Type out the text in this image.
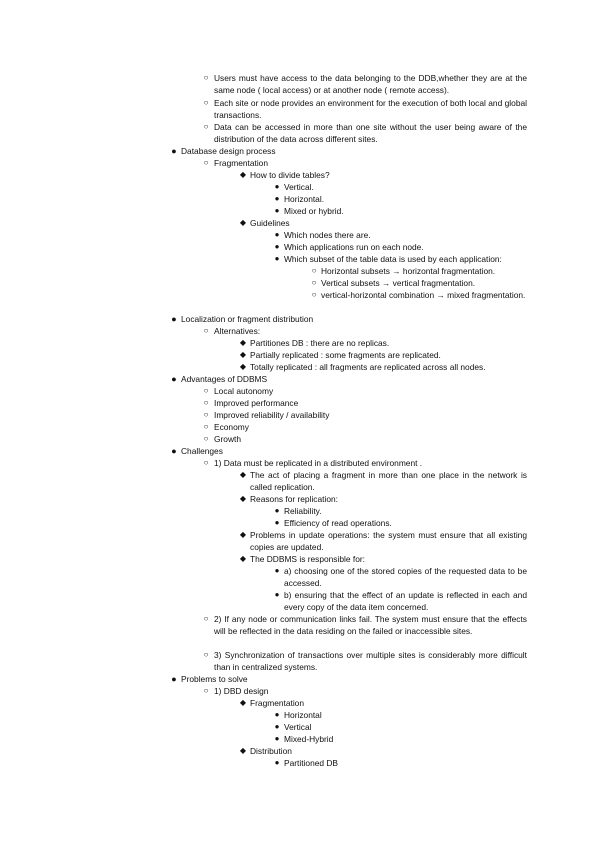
○ Users must have access to the data belonging to the DDB,whether they are at the same node ( local access) or at another node ( remote access).
○ Each site or node provides an environment for the execution of both local and global transactions.
○ Data can be accessed in more than one site without the user being aware of the distribution of the data across different sites.
● Database design process
○ Fragmentation
◆ How to divide tables?
● Vertical.
● Horizontal.
● Mixed or hybrid.
◆ Guidelines
● Which nodes there are.
● Which applications run on each node.
● Which subset of the table data is used by each application:
○ Horizontal subsets → horizontal fragmentation.
○ Vertical subsets → vertical fragmentation.
○ vertical-horizontal combination → mixed fragmentation.
● Localization or fragment distribution
○ Alternatives:
◆ Partitiones DB : there are no replicas.
◆ Partially replicated : some fragments are replicated.
◆ Totally replicated : all fragments are replicated across all nodes.
● Advantages of DDBMS
○ Local autonomy
○ Improved performance
○ Improved reliability / availability
○ Economy
○ Growth
● Challenges
○ 1) Data must be replicated in a distributed environment .
◆ The act of placing a fragment in more than one place in the network is called replication.
◆ Reasons for replication:
● Reliability.
● Efficiency of read operations.
◆ Problems in update operations: the system must ensure that all existing copies are updated.
◆ The DDBMS is responsible for:
● a) choosing one of the stored copies of the requested data to be accessed.
● b) ensuring that the effect of an update is reflected in each and every copy of the data item concerned.
○ 2) If any node or communication links fail. The system must ensure that the effects will be reflected in the data residing on the failed or inaccessible sites.
○ 3) Synchronization of transactions over multiple sites is considerably more difficult than in centralized systems.
● Problems to solve
○ 1) DBD design
◆ Fragmentation
● Horizontal
● Vertical
● Mixed-Hybrid
◆ Distribution
● Partitioned DB
